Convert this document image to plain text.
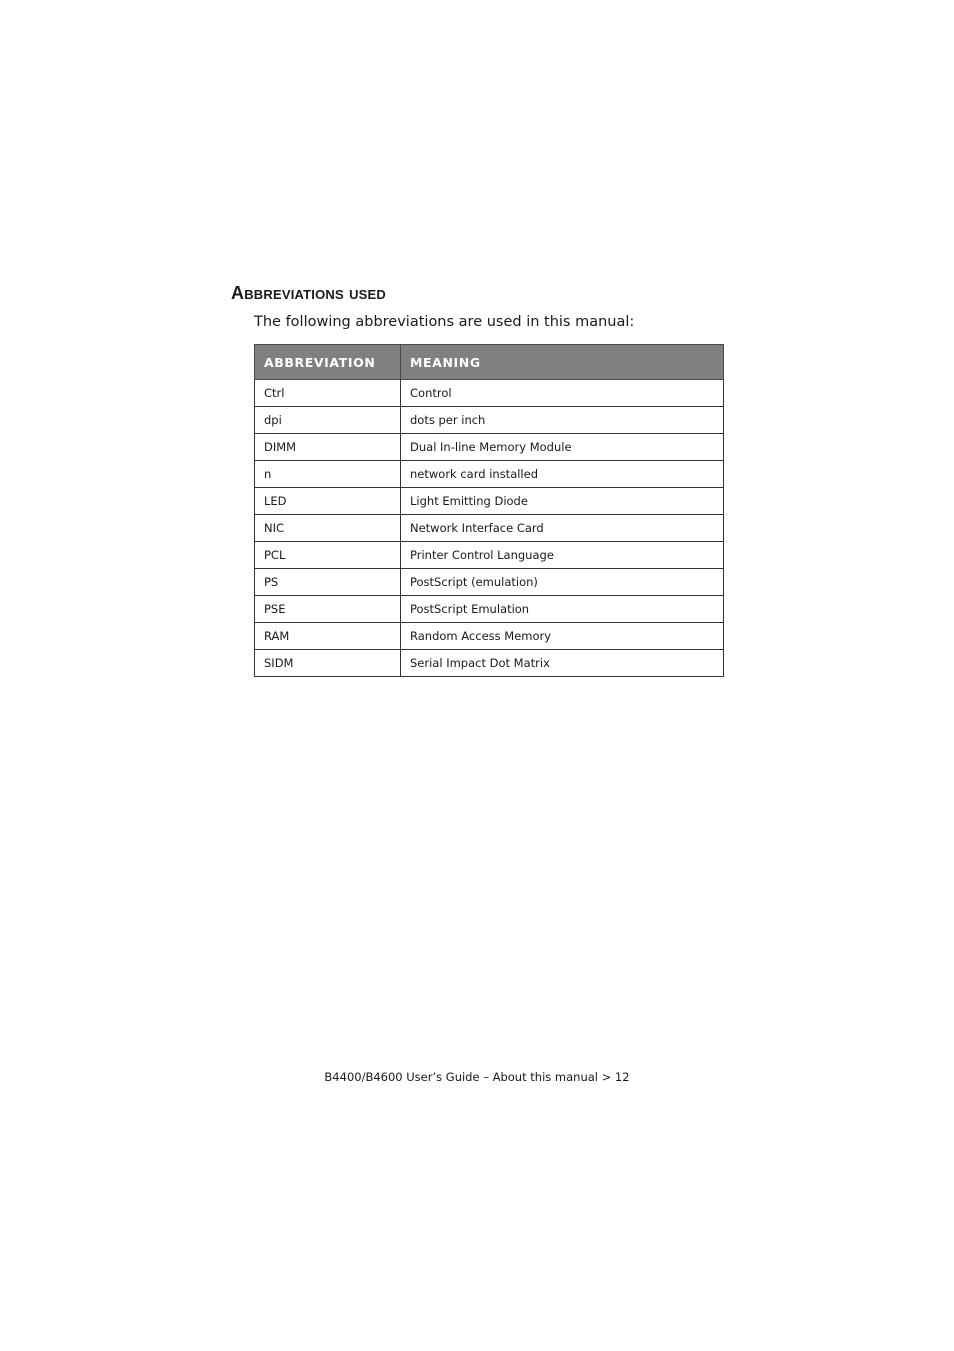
Abbreviations used

The following abbreviations are used in this manual:

ABBREVIATION	MEANING
Ctrl	Control
dpi	dots per inch
DIMM	Dual In-line Memory Module
n	network card installed
LED	Light Emitting Diode
NIC	Network Interface Card
PCL	Printer Control Language
PS	PostScript (emulation)
PSE	PostScript Emulation
RAM	Random Access Memory
SIDM	Serial Impact Dot Matrix

B4400/B4600 User’s Guide – About this manual > 12
